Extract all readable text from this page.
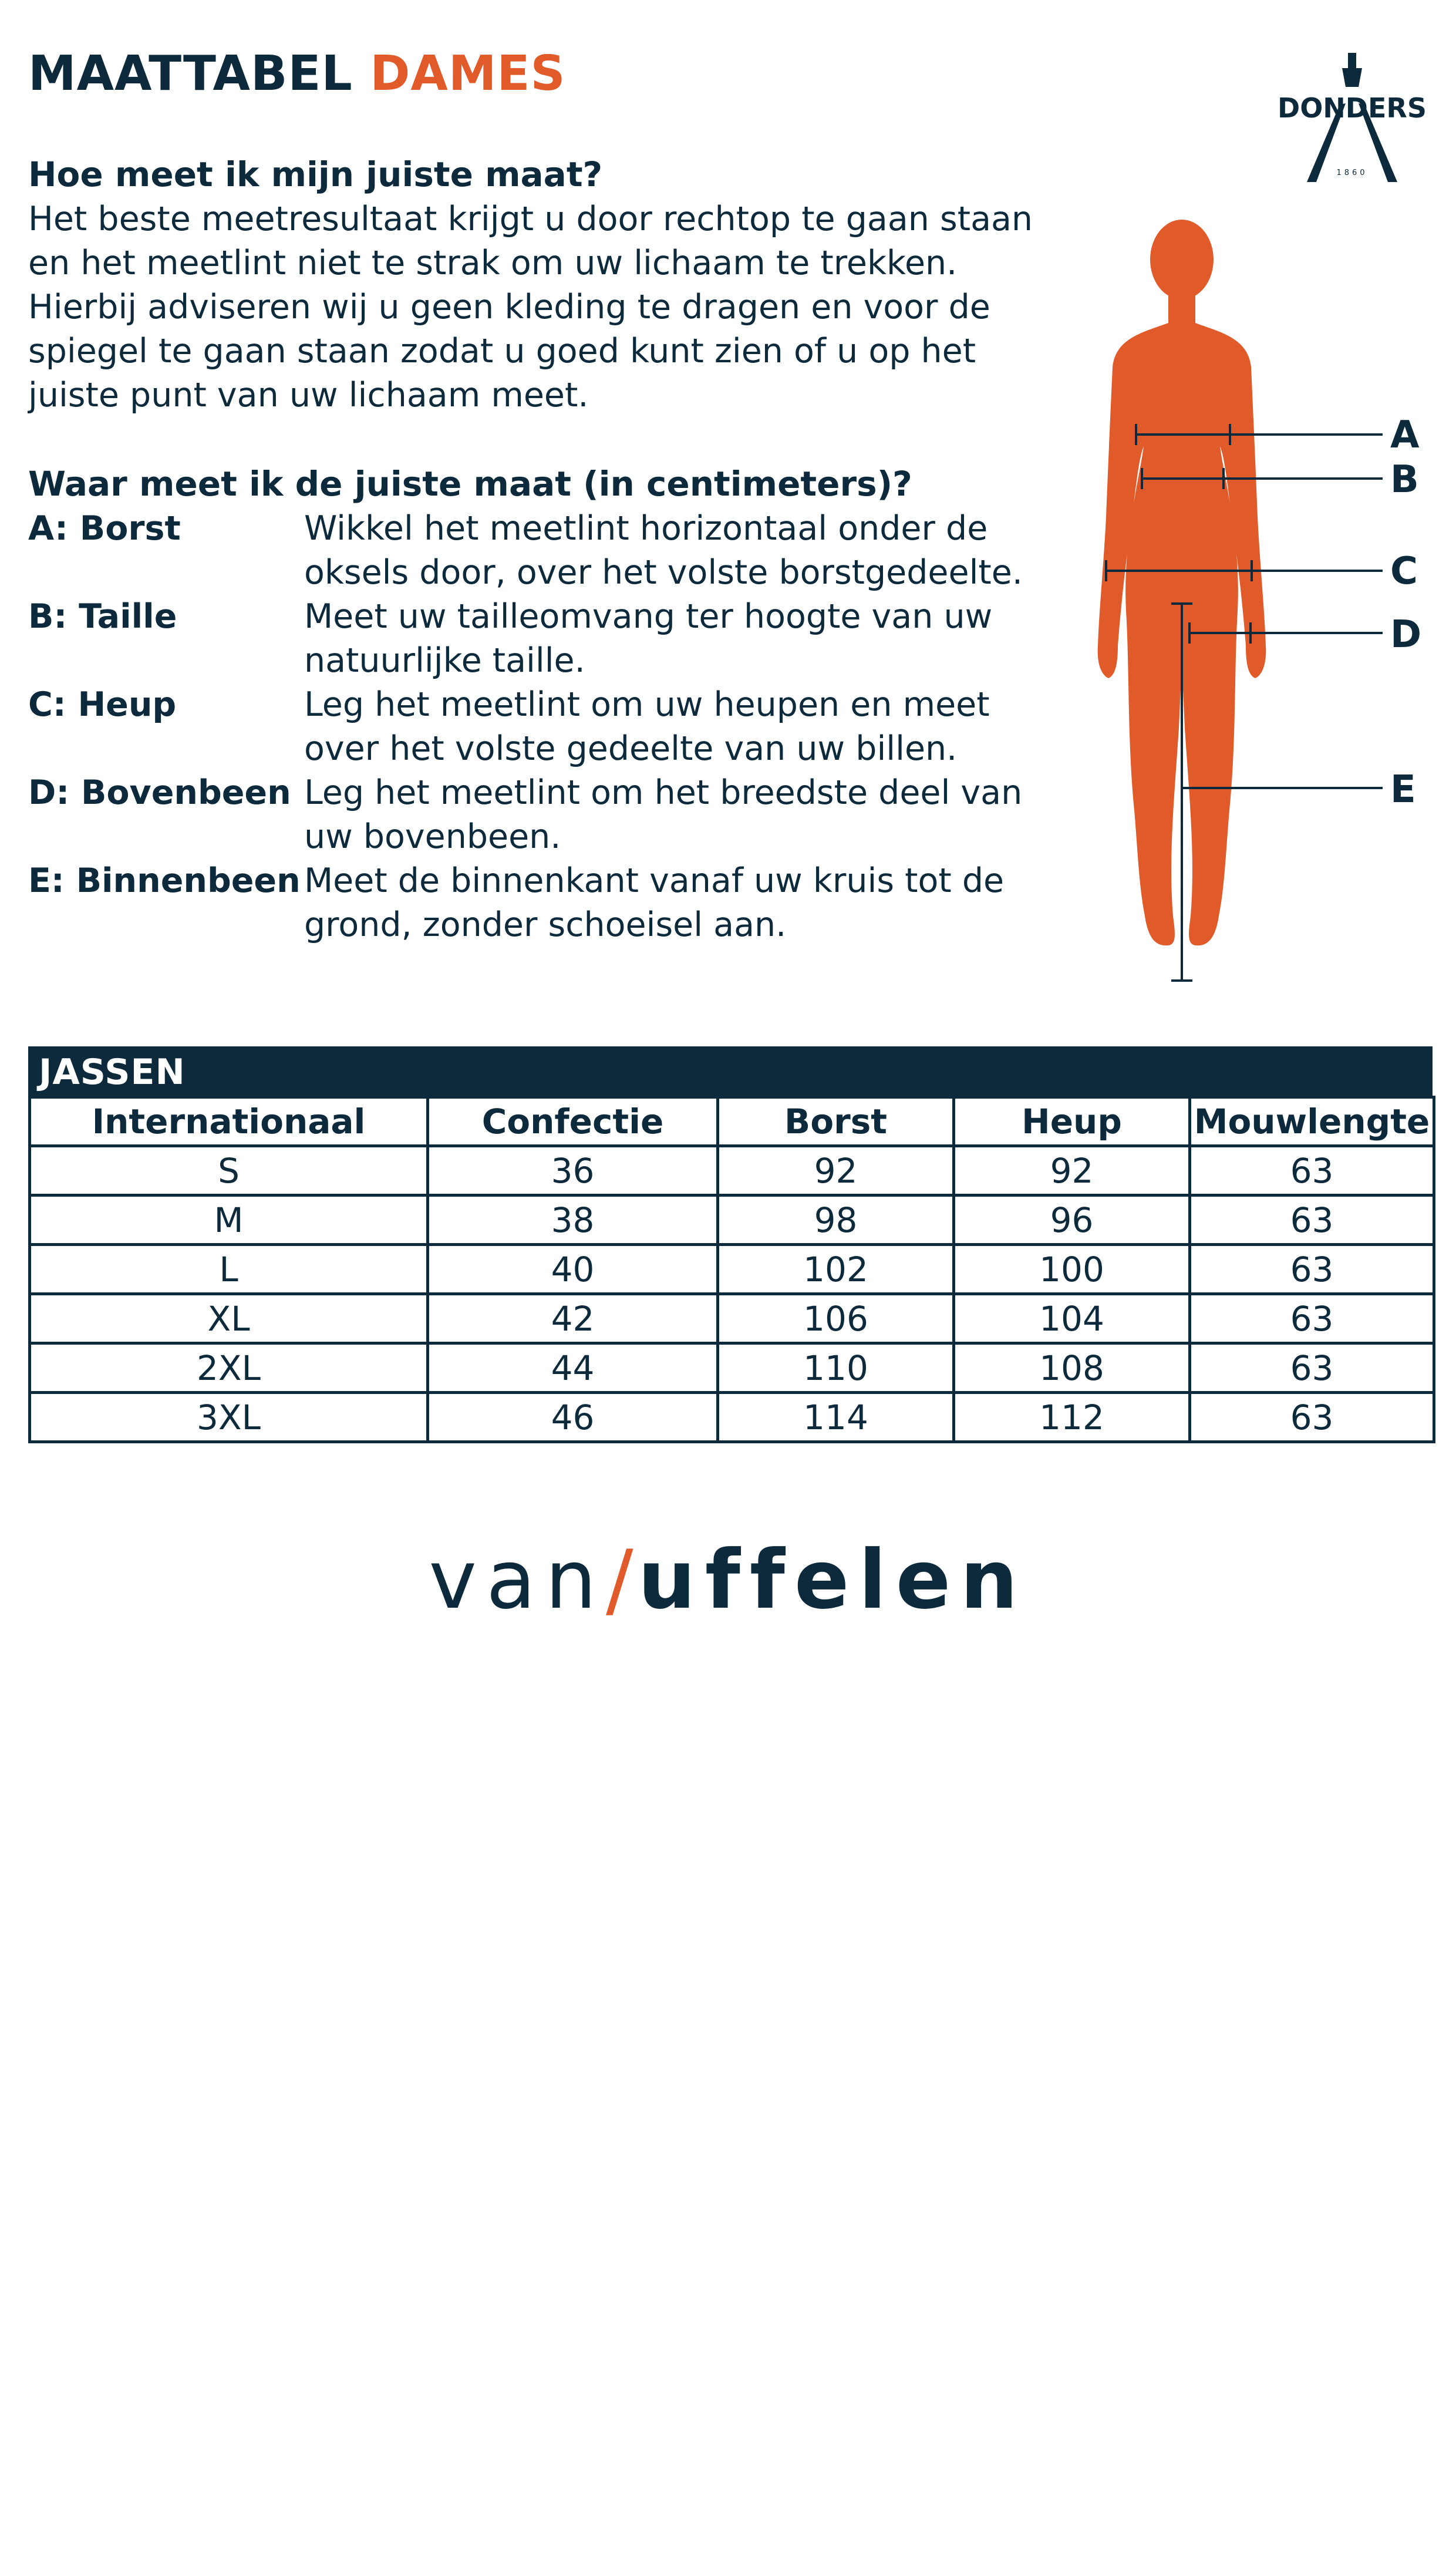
MAATTABEL DAMES
DONDERS
1860
Hoe meet ik mijn juiste maat?

Het beste meetresultaat krijgt u door rechtop te gaan staan en het meetlint niet te strak om uw lichaam te trekken. Hierbij adviseren wij u geen kleding te dragen en voor de spiegel te gaan staan zodat u goed kunt zien of u op het juiste punt van uw lichaam meet.

Waar meet ik de juiste maat (in centimeters)?
A: Borst	Wikkel het meetlint horizontaal onder de oksels door, over het volste borstgedeelte.
B: Taille	Meet uw tailleomvang ter hoogte van uw natuurlijke taille.
C: Heup	Leg het meetlint om uw heupen en meet over het volste gedeelte van uw billen.
D: Bovenbeen Leg het meetlint om het breedste deel van uw bovenbeen.
E: Binnenbeen Meet de binnenkant vanaf uw kruis tot de grond, zonder schoeisel aan.
A
B
C
D
E
JASSEN
Internationaal	Confectie	Borst	Heup	Mouwlengte
S	36	92	92	63
M	38	98	96	63
L	40	102	100	63
XL	42	106	104	63
2XL	44	110	108	63
3XL	46	114	112	63
van/uffelen
